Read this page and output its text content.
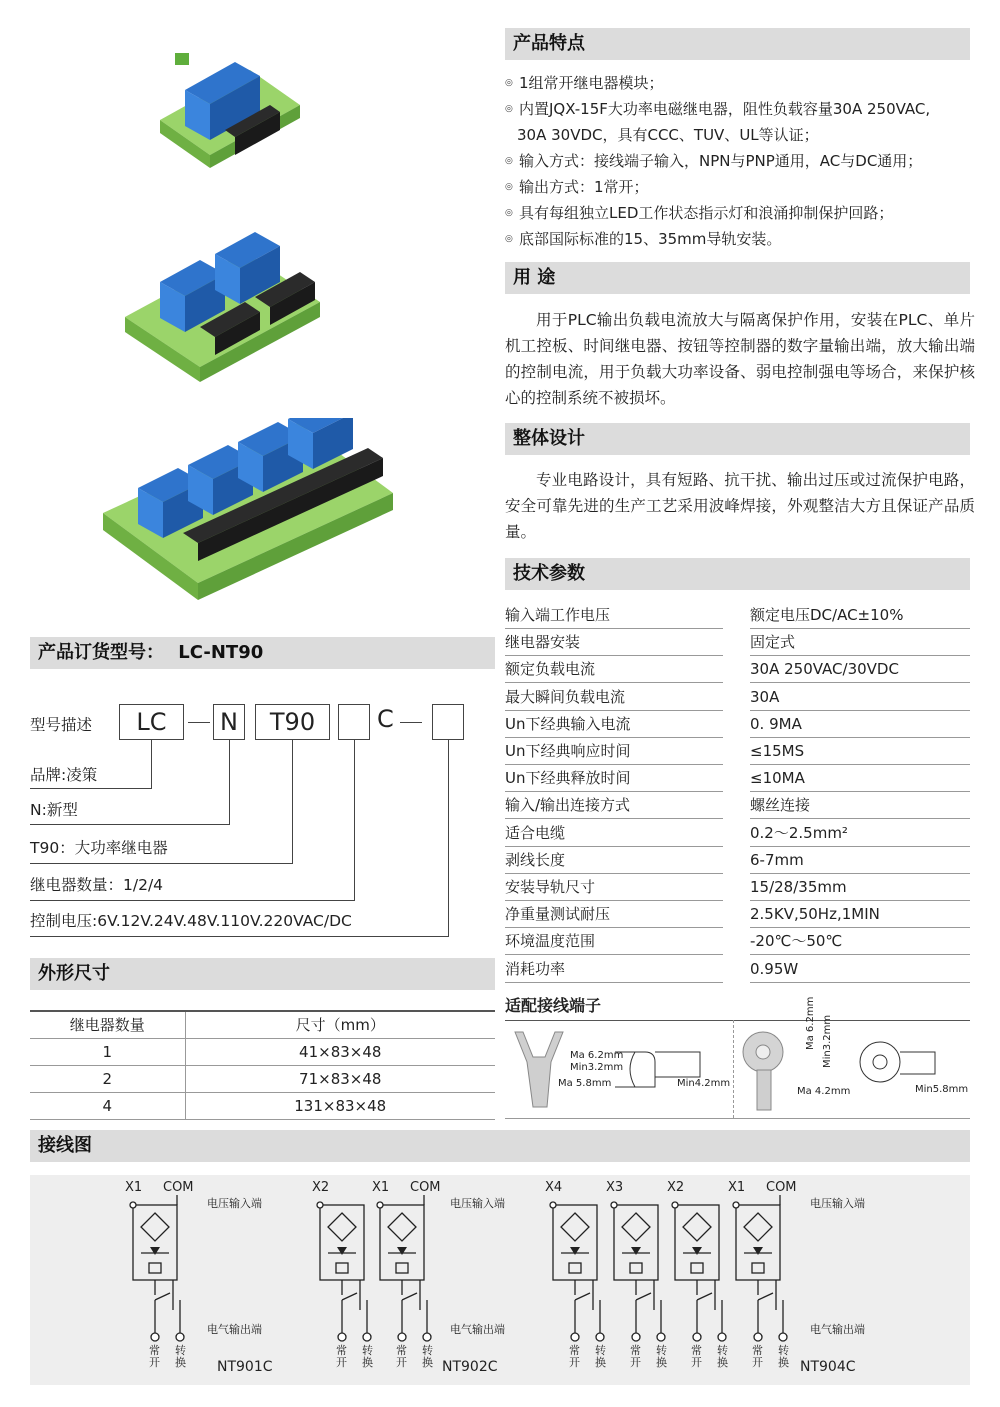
产品特点
◎ 1组常开继电器模块；
◎ 内置JQX-15F大功率电磁继电器，阻性负载容量30A 250VAC,
30A 30VDC，具有CCC、TUV、UL等认证；
◎ 输入方式：接线端子输入，NPN与PNP通用，AC与DC通用；
◎ 输出方式：1常开；
◎ 具有每组独立LED工作状态指示灯和浪涌抑制保护回路；
◎ 底部国际标准的15、35mm导轨安装。
用 途
用于PLC输出负载电流放大与隔离保护作用，安装在PLC、单片机工控板、时间继电器、按钮等控制器的数字量输出端，放大输出端的控制电流，用于负载大功率设备、弱电控制强电等场合，来保护核心的控制系统不被损坏。
整体设计
专业电路设计，具有短路、抗干扰、输出过压或过流保护电路，安全可靠先进的生产工艺采用波峰焊接，外观整洁大方且保证产品质量。
技术参数
输入端工作电压	额定电压DC/AC±10%
继电器安装	固定式
额定负载电流	30A 250VAC/30VDC
最大瞬间负载电流	30A
Un下经典输入电流	0. 9MA
Un下经典响应时间	≤15MS
Un下经典释放时间	≤10MA
输入/输出连接方式	螺丝连接
适合电缆	0.2～2.5mm²
剥线长度	6-7mm
安装导轨尺寸	15/28/35mm
净重量测试耐压	2.5KV,50Hz,1MIN
环境温度范围	-20℃～50℃
消耗功率	0.95W
适配接线端子
Ma 6.2mm
Min3.2mm
Ma 5.8mm	Min4.2mm
Ma 6.2mm Min3.2mm
Ma 4.2mm	Min5.8mm
产品订货型号： LC-NT90
型号描述	LC	N	T90	C
品牌:凌策
N:新型
T90：大功率继电器
继电器数量：1/2/4
控制电压:6V.12V.24V.48V.110V.220VAC/DC
外形尺寸
继电器数量	尺寸（mm）
1	41×83×48
2	71×83×48
4	131×83×48
接线图
常开
转换
X1 COM
电压输入端
电气输出端
NT901C
常开
转换
常开
转换
X2	X1 COM
电压输入端
电气输出端
NT902C
常开
转换
常开
转换
常开
转换
常开
转换
X4	X3	X2	X1 COM
电压输入端
电气输出端
NT904C
